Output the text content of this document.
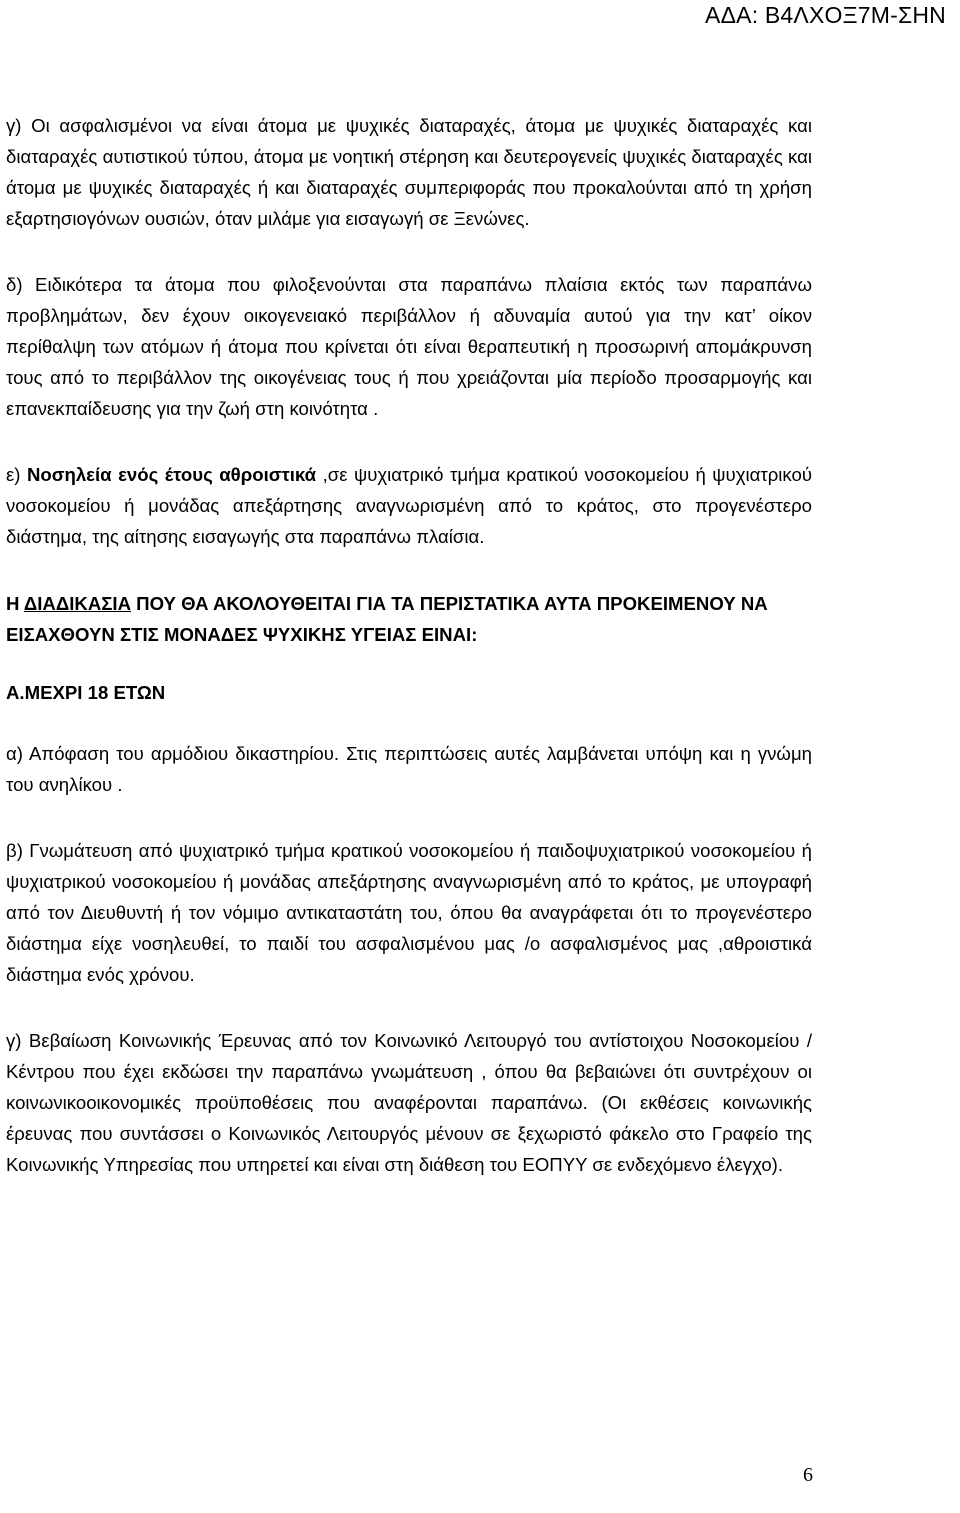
ΑΔΑ: Β4ΛΧΟΞ7Μ-ΣΗΝ

γ) Οι ασφαλισμένοι να είναι άτομα με ψυχικές διαταραχές, άτομα με ψυχικές διαταραχές και διαταραχές αυτιστικού τύπου, άτομα με νοητική στέρηση και δευτερογενείς ψυχικές διαταραχές και άτομα με ψυχικές διαταραχές ή και διαταραχές συμπεριφοράς που προκαλούνται από τη χρήση εξαρτησιογόνων ουσιών, όταν μιλάμε για εισαγωγή σε Ξενώνες.

δ) Ειδικότερα τα άτομα που φιλοξενούνται στα παραπάνω πλαίσια εκτός των παραπάνω προβλημάτων, δεν έχουν οικογενειακό περιβάλλον ή αδυναμία αυτού για την κατ’ οίκον περίθαλψη των ατόμων ή άτομα που κρίνεται ότι είναι θεραπευτική η προσωρινή απομάκρυνση τους από το περιβάλλον της οικογένειας τους ή που χρειάζονται μία περίοδο προσαρμογής και επανεκπαίδευσης για την ζωή στη κοινότητα .

ε) Νοσηλεία ενός έτους αθροιστικά ,σε ψυχιατρικό τμήμα κρατικού νοσοκομείου ή ψυχιατρικού νοσοκομείου ή μονάδας απεξάρτησης αναγνωρισμένη από το κράτος, στο προγενέστερο διάστημα, της αίτησης εισαγωγής στα παραπάνω πλαίσια.

Η ΔΙΑΔΙΚΑΣΙΑ ΠΟΥ ΘΑ ΑΚΟΛΟΥΘΕΙΤΑΙ ΓΙΑ ΤΑ ΠΕΡΙΣΤΑΤΙΚΑ ΑΥΤΑ ΠΡΟΚΕΙΜΕΝΟΥ ΝΑ ΕΙΣΑΧΘΟΥΝ ΣΤΙΣ ΜΟΝΑΔΕΣ ΨΥΧΙΚΗΣ ΥΓΕΙΑΣ ΕΙΝΑΙ:

Α.ΜΕΧΡΙ 18 ΕΤΩΝ

α) Απόφαση του αρμόδιου δικαστηρίου. Στις περιπτώσεις αυτές λαμβάνεται υπόψη και η γνώμη του ανηλίκου .

β) Γνωμάτευση από ψυχιατρικό τμήμα κρατικού νοσοκομείου ή παιδοψυχιατρικού νοσοκομείου ή ψυχιατρικού νοσοκομείου ή μονάδας απεξάρτησης αναγνωρισμένη από το κράτος, με υπογραφή από τον Διευθυντή ή τον νόμιμο αντικαταστάτη του, όπου θα αναγράφεται ότι το προγενέστερο διάστημα είχε νοσηλευθεί, το παιδί του ασφαλισμένου μας /ο ασφαλισμένος μας ,αθροιστικά διάστημα ενός χρόνου.

γ) Βεβαίωση Κοινωνικής Έρευνας από τον Κοινωνικό Λειτουργό του αντίστοιχου Νοσοκομείου / Κέντρου που έχει εκδώσει την παραπάνω γνωμάτευση , όπου θα βεβαιώνει ότι συντρέχουν οι κοινωνικοοικονομικές προϋποθέσεις που αναφέρονται παραπάνω. (Οι εκθέσεις κοινωνικής έρευνας που συντάσσει ο Κοινωνικός Λειτουργός μένουν σε ξεχωριστό φάκελο στο Γραφείο της Κοινωνικής Υπηρεσίας που υπηρετεί και είναι στη διάθεση του ΕΟΠΥΥ σε ενδεχόμενο έλεγχο).

6
